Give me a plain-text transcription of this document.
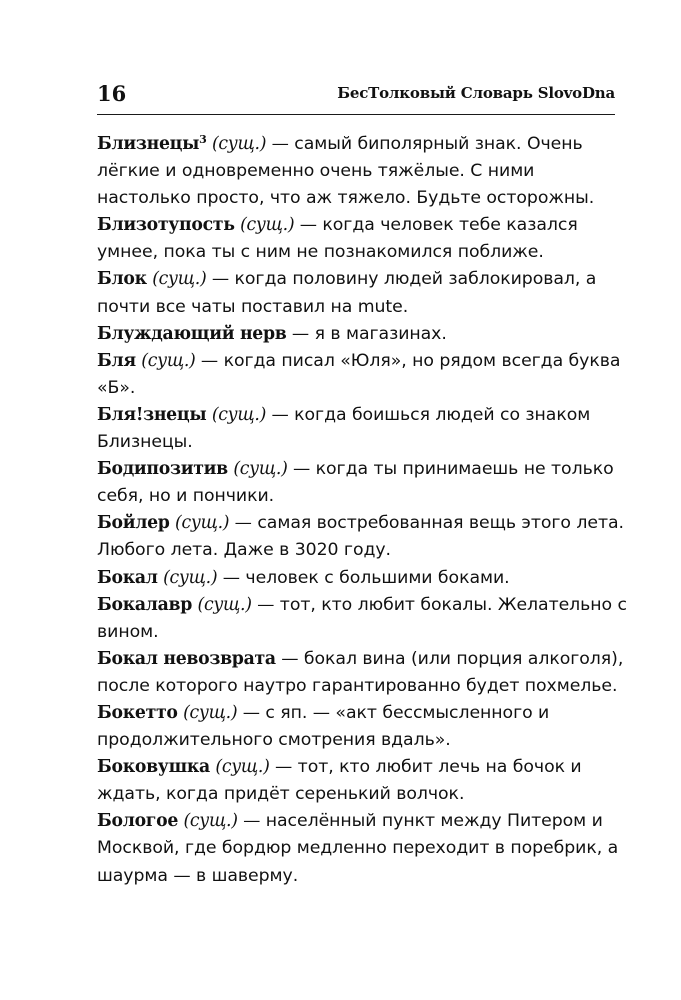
16	БесТолковый Словарь SlovoDna

Близнецы$^3$ (сущ.) — самый биполярный знак. Очень лёгкие и одновременно очень тяжёлые. С ними настолько просто, что аж тяжело. Будьте осторожны.

Близотупость (сущ.) — когда человек тебе казался умнее, пока ты с ним не познакомился поближе.

Блок (сущ.) — когда половину людей заблокировал, а почти все чаты поставил на mute.

Блуждающий нерв — я в магазинах.

Бля (сущ.) — когда писал «Юля», но рядом всегда буква «Б».

Бля!знецы (сущ.) — когда боишься людей со знаком Близнецы.

Бодипозитив (сущ.) — когда ты принимаешь не только себя, но и пончики.

Бойлер (сущ.) — самая востребованная вещь этого лета. Любого лета. Даже в 3020 году.

Бокал (сущ.) — человек с большими боками.

Бокалавр (сущ.) — тот, кто любит бокалы. Желательно с вином.

Бокал невозврата — бокал вина (или порция алкоголя), после которого наутро гарантированно будет похмелье.

Бокетто (сущ.) — с яп. — «акт бессмысленного и продолжительного смотрения вдаль».

Боковушка (сущ.) — тот, кто любит лечь на бочок и ждать, когда придёт серенький волчок.

Бологое (сущ.) — населённый пункт между Питером и Москвой, где бордюр медленно переходит в поребрик, а шаурма — в шаверму.
